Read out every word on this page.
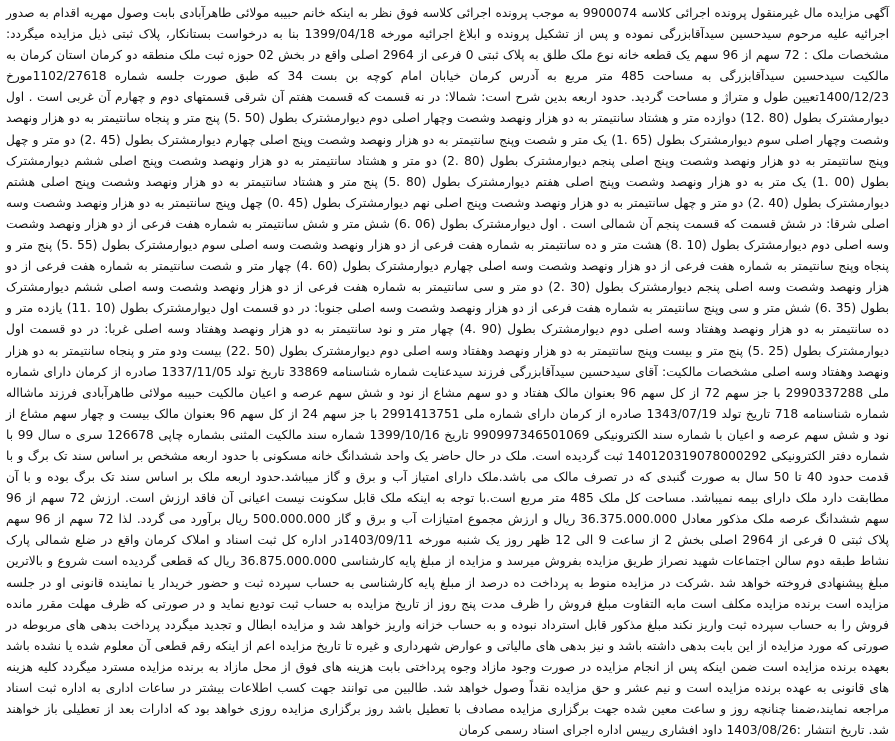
آگهی مزایده مال غیرمنقول پرونده اجرائی کلاسه 9900074 به موجب پرونده اجرائی کلاسه فوق نظر به اینکه خانم حبیبه مولائی طاهرآبادی بابت وصول مهریه اقدام به صدور اجرائیه علیه مرحوم سیدحسین سیدآقابزرگی نموده و پس از تشکیل پرونده و ابلاغ اجرائیه مورخه 1399/04/18 بنا به درخواست بستانکار، پلاک ثبتی ذیل مزایده میگردد: مشخصات ملک : 72 سهم از 96 سهم یک قطعه خانه نوع ملک طلق به پلاک ثبتی 0 فرعی از 2964 اصلی واقع در بخش 02 حوزه ثبت ملک منطقه دو کرمان استان کرمان به مالکیت سیدحسین سیدآقابزرگی به مساحت 485 متر مربع به آدرس کرمان خیابان امام کوچه بن بست 34 که طبق صورت جلسه شماره 1102/27618مورخ 1400/12/23تعیین طول و متراژ و مساحت گردید. حدود اربعه بدین شرح است: شمالا: در نه قسمت که قسمت هفتم آن شرقی قسمتهای دوم و چهارم آن غربی است . اول دیوارمشترک بطول (80 .12) دوازده متر و هشتاد سانتیمتر به دو هزار ونهصد وشصت وچهار اصلی دوم دیوارمشترک بطول (50 .5) پنج متر و پنجاه سانتیمتر به دو هزار ونهصد وشصت وچهار اصلی سوم دیوارمشترک بطول (65 .1) یک متر و شصت وپنج سانتیمتر به دو هزار ونهصد وشصت وپنج اصلی چهارم دیوارمشترک بطول (45 .2) دو متر و چهل وپنج سانتیمتر به دو هزار ونهصد وشصت وپنج اصلی پنجم دیوارمشترک بطول (80 .2) دو متر و هشتاد سانتیمتر به دو هزار ونهصد وشصت وپنج اصلی ششم دیوارمشترک بطول (00 .1) یک متر به دو هزار ونهصد وشصت وپنج اصلی هفتم دیوارمشترک بطول (80 .5) پنج متر و هشتاد سانتیمتر به دو هزار ونهصد وشصت وپنج اصلی هشتم دیوارمشترک بطول (40 .2) دو متر و چهل سانتیمتر به دو هزار ونهصد وشصت وپنج اصلی نهم دیوارمشترک بطول (45 .0) چهل وپنج سانتیمتر به دو هزار ونهصد وشصت وسه اصلی شرقا: در شش قسمت که قسمت پنجم آن شمالی است . اول دیوارمشترک بطول (06 .6) شش متر و شش سانتیمتر به شماره هفت فرعی از دو هزار ونهصد وشصت وسه اصلی دوم دیوارمشترک بطول (10 .8) هشت متر و ده سانتیمتر به شماره هفت فرعی از دو هزار ونهصد وشصت وسه اصلی سوم دیوارمشترک بطول (55 .5) پنج متر و پنجاه وپنج سانتیمتر به شماره هفت فرعی از دو هزار ونهصد وشصت وسه اصلی چهارم دیوارمشترک بطول (60 .4) چهار متر و شصت سانتیمتر به شماره هفت فرعی از دو هزار ونهصد وشصت وسه اصلی پنجم دیوارمشترک بطول (30 .2) دو متر و سی سانتیمتر به شماره هفت فرعی از دو هزار ونهصد وشصت وسه اصلی ششم دیوارمشترک بطول (35 .6) شش متر و سی وپنج سانتیمتر به شماره هفت فرعی از دو هزار ونهصد وشصت وسه اصلی جنوبا: در دو قسمت اول دیوارمشترک بطول (10 .11) یازده متر و ده سانتیمتر به دو هزار ونهصد وهفتاد وسه اصلی دوم دیوارمشترک بطول (90 .4) چهار متر و نود سانتیمتر به دو هزار ونهصد وهفتاد وسه اصلی غربا: در دو قسمت اول دیوارمشترک بطول (25 .5) پنج متر و بیست وپنج سانتیمتر به دو هزار ونهصد وهفتاد وسه اصلی دوم دیوارمشترک بطول (50 .22) بیست ودو متر و پنجاه سانتیمتر به دو هزار ونهصد وهفتاد وسه اصلی مشخصات مالکیت: آقای سیدحسین سیدآقابزرگی فرزند سیدعنایت شماره شناسنامه 33869 تاریخ تولد 1337/11/05 صادره از کرمان دارای شماره ملی 2990337288 با جز سهم 72 از کل سهم 96 بعنوان مالک هفتاد و دو سهم مشاع از نود و شش سهم عرصه و اعیان مالکیت حبیبه مولائی طاهرآبادی فرزند ماشااله شماره شناسنامه 718 تاریخ تولد 1343/07/19 صادره از کرمان دارای شماره ملی 2991413751 با جز سهم 24 از کل سهم 96 بعنوان مالک بیست و چهار سهم مشاع از نود و شش سهم عرصه و اعیان با شماره سند الکترونیکی 990997346501069 تاریخ 1399/10/16 شماره سند مالکیت المثنی بشماره چاپی 126678 سری ه سال 99 با شماره دفتر الکترونیکی 140120319078000292 ثبت گردیده است. ملک در حال حاضر یک واحد ششدانگ خانه مسکونی با حدود اربعه مشخص بر اساس سند تک برگ و با قدمت حدود 40 تا 50 سال به صورت گنبدی که در تصرف مالک می باشد.ملک دارای امتیاز آب و برق و گاز میباشد.حدود اربعه ملک بر اساس سند تک برگ بوده و با آن مطابقت دارد ملک دارای بیمه نمیباشد. مساحت کل ملک 485 متر مربع است.با توجه به اینکه ملک قابل سکونت نیست اعیانی آن فاقد ارزش است. ارزش 72 سهم از 96 سهم ششدانگ عرصه ملک مذکور معادل 36.375.000.000 ریال و ارزش مجموع امتیازات آب و برق و گاز 500.000.000 ریال برآورد می گردد. لذا 72 سهم از 96 سهم پلاک ثبتی 0 فرعی از 2964 اصلی بخش 2 از ساعت 9 الی 12 ظهر روز یک شنبه مورخه 1403/09/11در اداره کل ثبت اسناد و املاک کرمان واقع در ضلع شمالی پارک نشاط طبقه دوم سالن اجتماعات شهید نصراز طریق مزایده بفروش میرسد و مزایده از مبلغ پایه کارشناسی 36.875.000.000 ریال که قطعی گردیده است شروع و بالاترین مبلغ پیشنهادی فروخته خواهد شد .شرکت در مزایده منوط به پرداخت ده درصد از مبلغ پایه کارشناسی به حساب سپرده ثبت و حضور خریدار یا نماینده قانونی او در جلسه مزایده است برنده مزایده مکلف است مابه التفاوت مبلغ فروش را ظرف مدت پنج روز از تاریخ مزایده به حساب ثبت تودیع نماید و در صورتی که ظرف مهلت مقرر مانده فروش را به حساب سپرده ثبت واریز نکند مبلغ مذکور قابل استرداد نبوده و به حساب خزانه واریز خواهد شد و مزایده ابطال و تجدید میگردد پرداخت بدهی های مربوطه در صورتی که مورد مزایده از این بابت بدهی داشته باشد و نیز بدهی های مالیاتی و عوارض شهرداری و غیره تا تاریخ مزایده اعم از اینکه رقم قطعی آن معلوم شده یا نشده باشد بعهده برنده مزایده است ضمن اینکه پس از انجام مزایده در صورت وجود مازاد وجوه پرداختی بابت هزینه های فوق از محل مازاد به برنده مزایده مسترد میگردد کلیه هزینه های قانونی به عهده برنده مزایده است و نیم عشر و حق مزایده نقداً وصول خواهد شد. طالبین می توانند جهت کسب اطلاعات بیشتر در ساعات اداری به اداره ثبت اسناد مراجعه نمایند،ضمنا چنانچه روز و ساعت معین شده جهت برگزاری مزایده مصادف با تعطیل باشد روز برگزاری مزایده روزی خواهد بود که ادارات بعد از تعطیلی باز خواهند شد. تاریخ انتشار :1403/08/26 داود افشاری رییس اداره اجرای اسناد رسمی کرمان
